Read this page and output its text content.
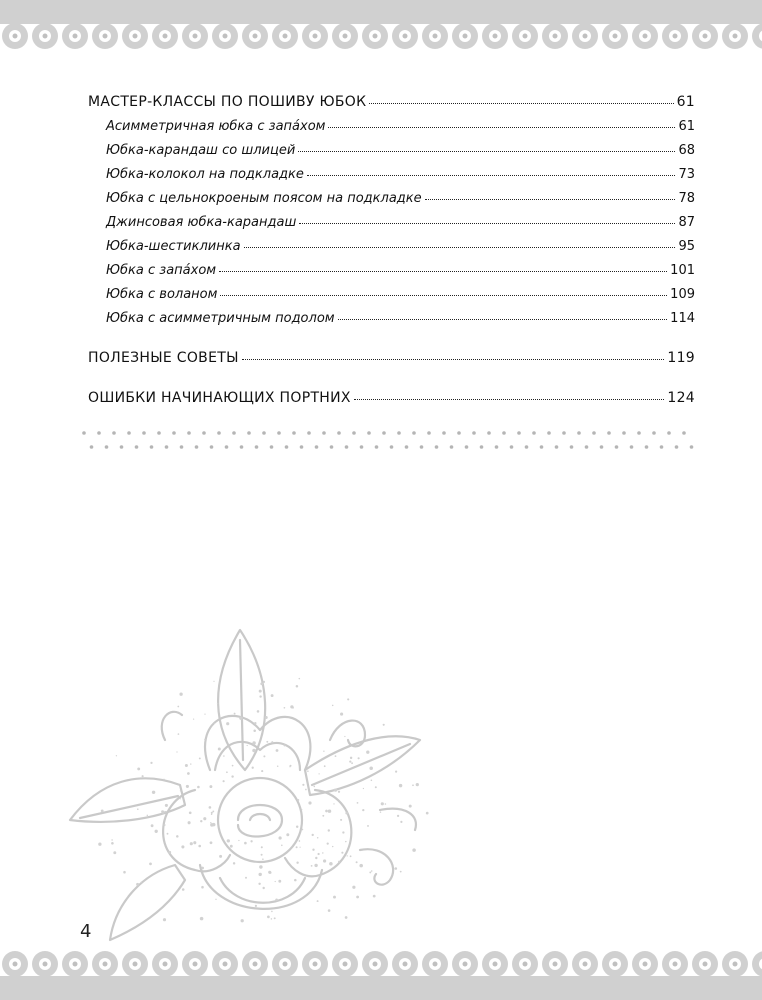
МАСТЕР-КЛАССЫ ПО ПОШИВУ ЮБОК	61
Асимметричная юбка с запáхом	61
Юбка-карандаш со шлицей	68
Юбка-колокол на подкладке	73
Юбка с цельнокроеным поясом на подкладке	78
Джинсовая юбка-карандаш	87
Юбка-шестиклинка	95
Юбка с запáхом	101
Юбка с воланом	109
Юбка с асимметричным подолом	114
ПОЛЕЗНЫЕ СОВЕТЫ	119
ОШИБКИ НАЧИНАЮЩИХ ПОРТНИХ	124
4
